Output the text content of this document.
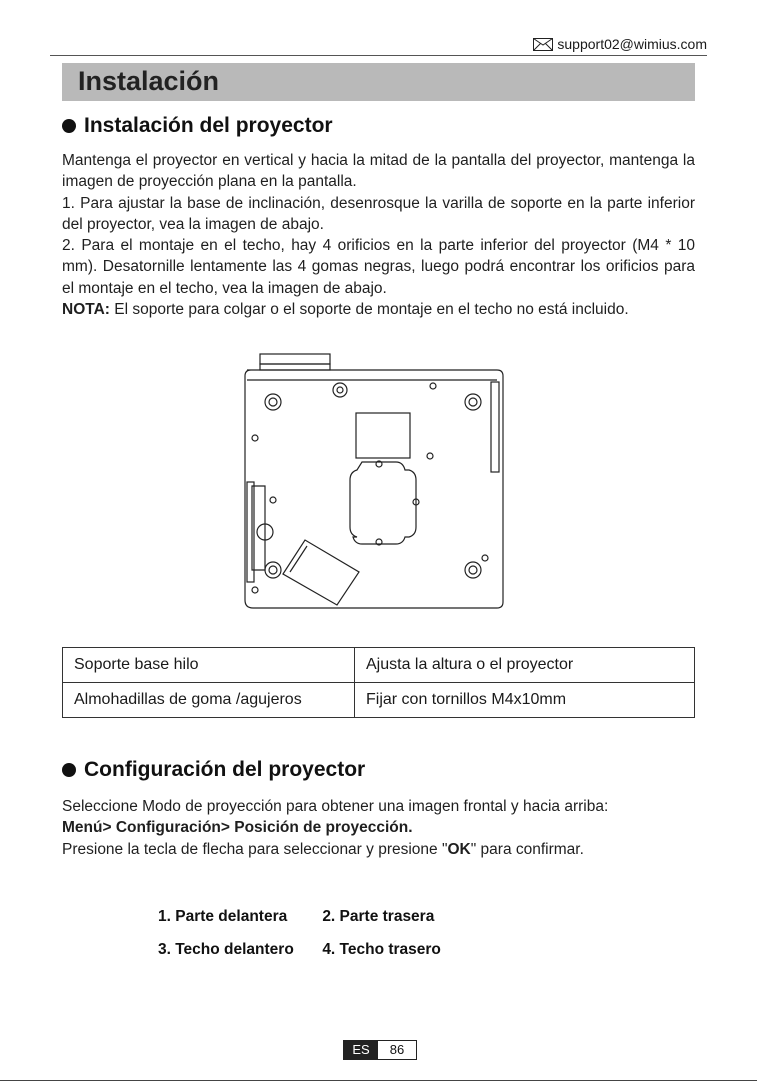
support02@wimius.com
Instalación
Instalación del proyector

Mantenga el proyector en vertical y hacia la mitad de la pantalla del proyector, mantenga la imagen de proyección plana en la pantalla.

1. Para ajustar la base de inclinación, desenrosque la varilla de soporte en la parte inferior del proyector, vea la imagen de abajo.

2. Para el montaje en el techo, hay 4 orificios en la parte inferior del proyector (M4 * 10 mm). Desatornille lentamente las 4 gomas negras, luego podrá encontrar los orificios para el montaje en el techo, vea la imagen de abajo.

NOTA: El soporte para colgar o el soporte de montaje en el techo no está incluido.

Soporte base hilo	Ajusta la altura o el proyector
Almohadillas de goma /agujeros	Fijar con tornillos M4x10mm
Configuración del proyector

Seleccione Modo de proyección para obtener una imagen frontal y hacia arriba:

Menú> Configuración> Posición de proyección.

Presione la tecla de flecha para seleccionar y presione "OK" para confirmar.

1. Parte delantera 2. Parte trasera
3. Techo delantero 4. Techo trasero
ES	86
